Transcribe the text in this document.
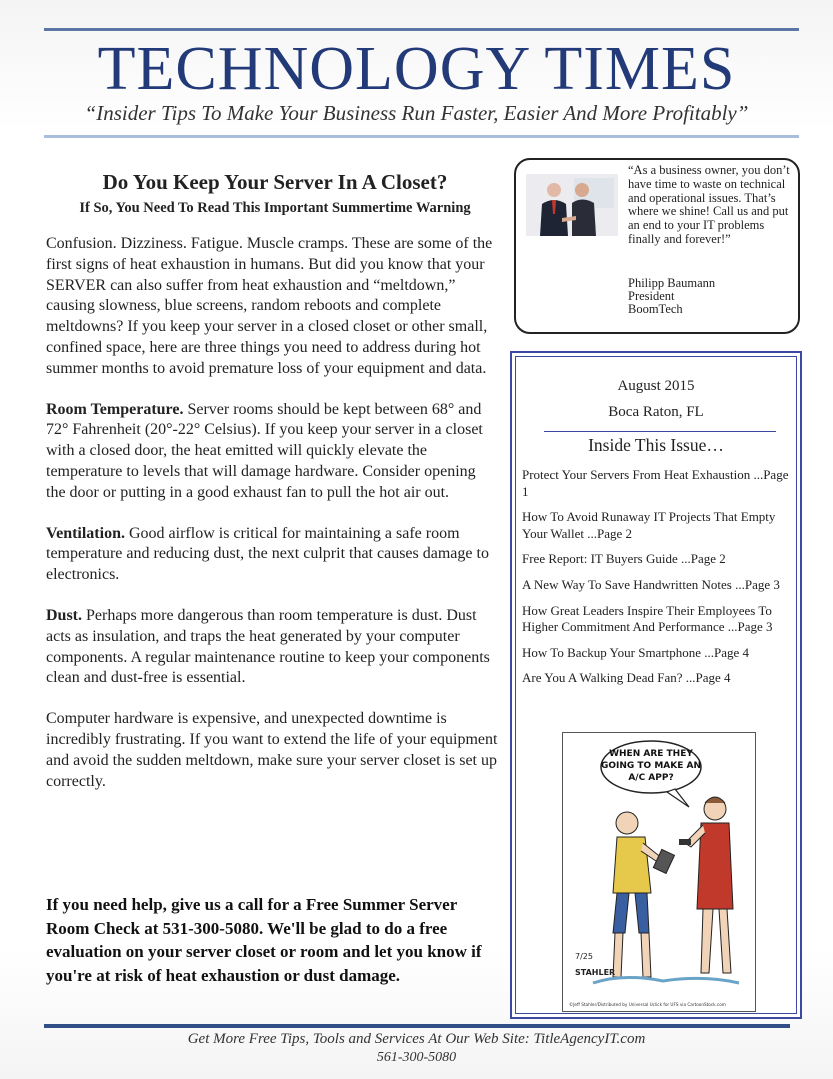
TECHNOLOGY TIMES
“Insider Tips To Make Your Business Run Faster, Easier And More Profitably”
Do You Keep Your Server In A Closet?
If So, You Need To Read This Important Summertime Warning

Confusion. Dizziness. Fatigue. Muscle cramps. These are some of the first signs of heat exhaustion in humans. But did you know that your SERVER can also suffer from heat exhaustion and “meltdown,” causing slowness, blue screens, random reboots and complete meltdowns? If you keep your server in a closed closet or other small, confined space, here are three things you need to address during hot summer months to avoid premature loss of your equipment and data.

Room Temperature. Server rooms should be kept between 68° and 72° Fahrenheit (20°-22° Celsius). If you keep your server in a closet with a closed door, the heat emitted will quickly elevate the temperature to levels that will damage hardware. Consider opening the door or putting in a good exhaust fan to pull the hot air out.

Ventilation. Good airflow is critical for maintaining a safe room temperature and reducing dust, the next culprit that causes damage to electronics.

Dust. Perhaps more dangerous than room temperature is dust. Dust acts as insulation, and traps the heat generated by your computer components. A regular maintenance routine to keep your components clean and dust-free is essential.

Computer hardware is expensive, and unexpected downtime is incredibly frustrating. If you want to extend the life of your equipment and avoid the sudden meltdown, make sure your server closet is set up correctly.

If you need help, give us a call for a Free Summer Server Room Check at 531-300-5080. We'll be glad to do a free evaluation on your server closet or room and let you know if you're at risk of heat exhaustion or dust damage.
“As a business owner, you don’t have time to waste on technical and operational issues. That’s where we shine! Call us and put an end to your IT problems finally and forever!”
Philipp Baumann
President
BoomTech
August 2015
Boca Raton, FL
Inside This Issue…
Protect Your Servers From Heat Exhaustion ...Page 1
How To Avoid Runaway IT Projects That Empty Your Wallet ...Page 2
Free Report: IT Buyers Guide ...Page 2
A New Way To Save Handwritten Notes ...Page 3
How Great Leaders Inspire Their Employees To Higher Commitment And Performance ...Page 3
How To Backup Your Smartphone ...Page 4
Are You A Walking Dead Fan? ...Page 4
WHEN ARE THEY
GOING TO MAKE AN
A/C APP?
7/25
STAHLER
©Jeff Stahler/Distributed by Universal Uclick for UFS via CartoonStock.com
Get More Free Tips, Tools and Services At Our Web Site: TitleAgencyIT.com
561-300-5080
